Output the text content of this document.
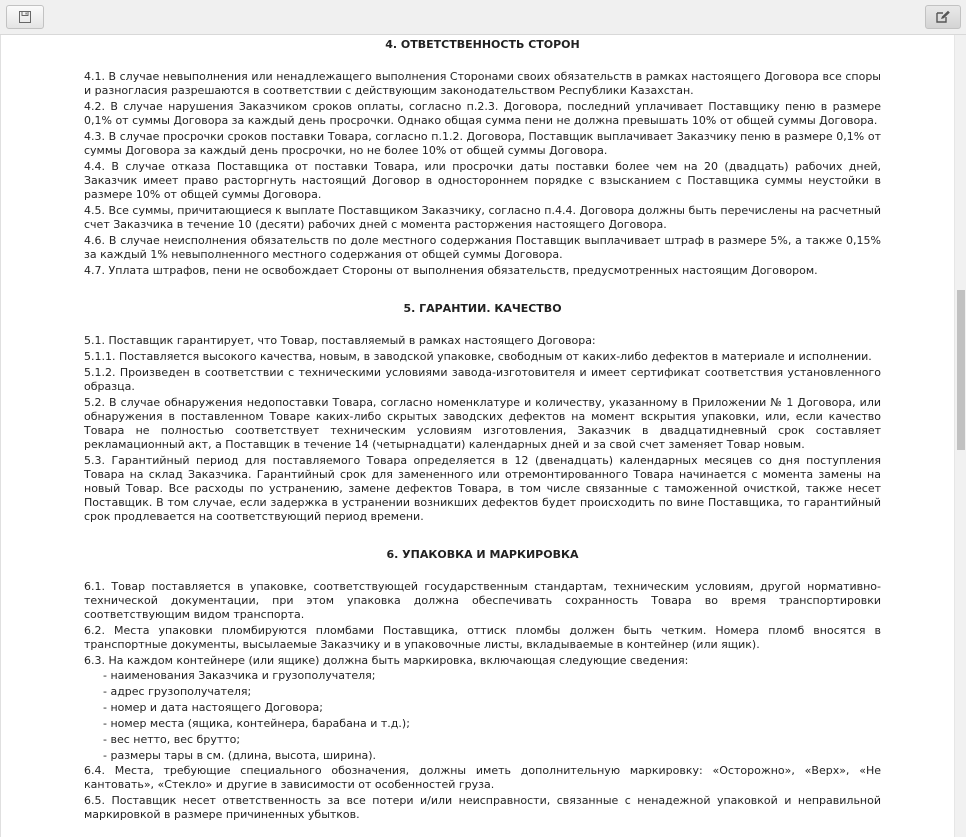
4. ОТВЕТСТВЕННОСТЬ СТОРОН

4.1. В случае невыполнения или ненадлежащего выполнения Сторонами своих обязательств в рамках настоящего Договора все споры и разногласия разрешаются в соответствии с действующим законодательством Республики Казахстан.

4.2. В случае нарушения Заказчиком сроков оплаты, согласно п.2.3. Договора, последний уплачивает Поставщику пеню в размере 0,1% от суммы Договора за каждый день просрочки. Однако общая сумма пени не должна превышать 10% от общей суммы Договора.

4.3. В случае просрочки сроков поставки Товара, согласно п.1.2. Договора, Поставщик выплачивает Заказчику пеню в размере 0,1% от суммы Договора за каждый день просрочки, но не более 10% от общей суммы Договора.

4.4. В случае отказа Поставщика от поставки Товара, или просрочки даты поставки более чем на 20 (двадцать) рабочих дней, Заказчик имеет право расторгнуть настоящий Договор в одностороннем порядке с взысканием с Поставщика суммы неустойки в размере 10% от общей суммы Договора.

4.5. Все суммы, причитающиеся к выплате Поставщиком Заказчику, согласно п.4.4. Договора должны быть перечислены на расчетный счет Заказчика в течение 10 (десяти) рабочих дней с момента расторжения настоящего Договора.

4.6. В случае неисполнения обязательств по доле местного содержания Поставщик выплачивает штраф в размере 5%, а также 0,15% за каждый 1% невыполненного местного содержания от общей суммы Договора.

4.7. Уплата штрафов, пени не освобождает Стороны от выполнения обязательств, предусмотренных настоящим Договором.

5. ГАРАНТИИ. КАЧЕСТВО

5.1. Поставщик гарантирует, что Товар, поставляемый в рамках настоящего Договора:

5.1.1. Поставляется высокого качества, новым, в заводской упаковке, свободным от каких-либо дефектов в материале и исполнении.

5.1.2. Произведен в соответствии с техническими условиями завода-изготовителя и имеет сертификат соответствия установленного образца.

5.2. В случае обнаружения недопоставки Товара, согласно номенклатуре и количеству, указанному в Приложении № 1 Договора, или обнаружения в поставленном Товаре каких-либо скрытых заводских дефектов на момент вскрытия упаковки, или, если качество Товара не полностью соответствует техническим условиям изготовления, Заказчик в двадцатидневный срок составляет рекламационный акт, а Поставщик в течение 14 (четырнадцати) календарных дней и за свой счет заменяет Товар новым.

5.3. Гарантийный период для поставляемого Товара определяется в 12 (двенадцать) календарных месяцев со дня поступления Товара на склад Заказчика. Гарантийный срок для замененного или отремонтированного Товара начинается с момента замены на новый Товар. Все расходы по устранению, замене дефектов Товара, в том числе связанные с таможенной очисткой, также несет Поставщик. В том случае, если задержка в устранении возникших дефектов будет происходить по вине Поставщика, то гарантийный срок продлевается на соответствующий период времени.

6. УПАКОВКА И МАРКИРОВКА

6.1. Товар поставляется в упаковке, соответствующей государственным стандартам, техническим условиям, другой нормативно-технической документации, при этом упаковка должна обеспечивать сохранность Товара во время транспортировки соответствующим видом транспорта.

6.2. Места упаковки пломбируются пломбами Поставщика, оттиск пломбы должен быть четким. Номера пломб вносятся в транспортные документы, высылаемые Заказчику и в упаковочные листы, вкладываемые в контейнер (или ящик).

6.3. На каждом контейнере (или ящике) должна быть маркировка, включающая следующие сведения:

- наименования Заказчика и грузополучателя;

- адрес грузополучателя;

- номер и дата настоящего Договора;

- номер места (ящика, контейнера, барабана и т.д.);

- вес нетто, вес брутто;

- размеры тары в см. (длина, высота, ширина).

6.4. Места, требующие специального обозначения, должны иметь дополнительную маркировку: «Осторожно», «Верх», «Не кантовать», «Стекло» и другие в зависимости от особенностей груза.

6.5. Поставщик несет ответственность за все потери и/или неисправности, связанные с ненадежной упаковкой и неправильной маркировкой в размере причиненных убытков.
